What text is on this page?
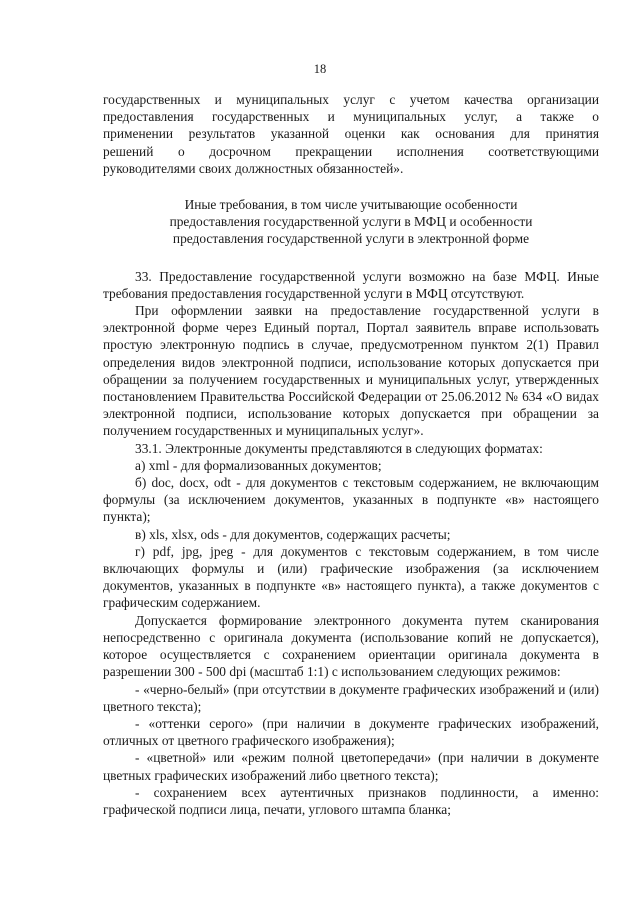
18
государственных и муниципальных услуг с учетом качества организации
предоставления государственных и муниципальных услуг, а также о
применении результатов указанной оценки как основания для принятия
решений о досрочном прекращении исполнения соответствующими
руководителями своих должностных обязанностей».
Иные требования, в том числе учитывающие особенности
предоставления государственной услуги в МФЦ и особенности
предоставления государственной услуги в электронной форме

33. Предоставление государственной услуги возможно на базе МФЦ. Иные требования предоставления государственной услуги в МФЦ отсутствуют.

При оформлении заявки на предоставление государственной услуги в электронной форме через Единый портал, Портал заявитель вправе использовать простую электронную подпись в случае, предусмотренном пунктом 2(1) Правил определения видов электронной подписи, использование которых допускается при обращении за получением государственных и муниципальных услуг, утвержденных постановлением Правительства Российской Федерации от 25.06.2012 № 634 «О видах электронной подписи, использование которых допускается при обращении за получением государственных и муниципальных услуг».

33.1. Электронные документы представляются в следующих форматах:

а) xml - для формализованных документов;

б) doc, docx, odt - для документов с текстовым содержанием, не включающим формулы (за исключением документов, указанных в подпункте «в» настоящего пункта);

в) xls, xlsx, ods - для документов, содержащих расчеты;

г) pdf, jpg, jpeg - для документов с текстовым содержанием, в том числе включающих формулы и (или) графические изображения (за исключением документов, указанных в подпункте «в» настоящего пункта), а также документов с графическим содержанием.

Допускается формирование электронного документа путем сканирования непосредственно с оригинала документа (использование копий не допускается), которое осуществляется с сохранением ориентации оригинала документа в разрешении 300 - 500 dpi (масштаб 1:1) с использованием следующих режимов:

- «черно-белый» (при отсутствии в документе графических изображений и (или) цветного текста);

- «оттенки серого» (при наличии в документе графических изображений, отличных от цветного графического изображения);

- «цветной» или «режим полной цветопередачи» (при наличии в документе цветных графических изображений либо цветного текста);

- сохранением всех аутентичных признаков подлинности, а именно: графической подписи лица, печати, углового штампа бланка;
